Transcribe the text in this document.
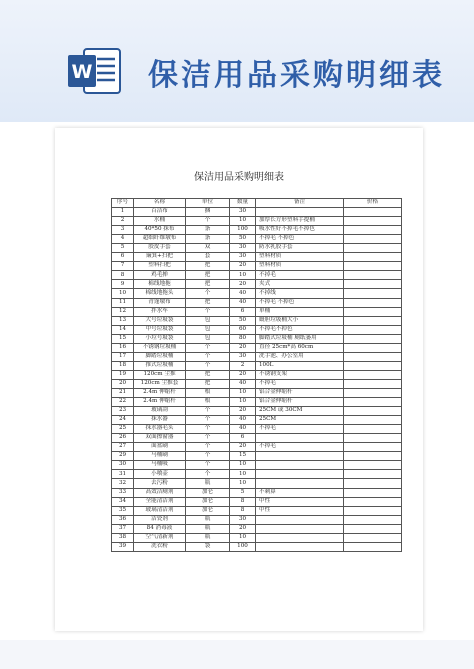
W 保洁用品采购明细表
保洁用品采购明细表
序号	名称	单位	数量	备注	价格
1	百洁布	捆	30		
2	水桶	个	10	加厚长方形塑料手提桶	
3	40*50 抹布	条	100	吸水性好不掉毛不掉色	
4	超细纤维墩布	条	50	不掉毛 不掉色	
5	胶皮手套	双	30	防水乳胶手套	
6	簸箕+扫把	套	30	塑料材质	
7	塑料扫把	把	20	塑料材质	
8	鸡毛掸	把	10	不掉毛	
9	棉线地拖	把	20	夹式	
10	棉线地拖头	个	40	不掉线	
11	青蓬墩布	把	40	不掉毛 不掉色	
12	拌水车	个	6	单桶	
13	大号垃圾袋	包	50	厩胆垃圾桶大小	
14	中号垃圾袋	包	60	不掉毛不掉色	
15	小垃号圾袋	包	80	脚踏式垃圾桶 厕纸篓用	
16	不锈钢垃圾桶	个	20	直径 25cm*高 60cm	
17	脚踏垃圾桶	个	30	洗手池、办公室用	
18	推式垃圾桶	个	2	100L	
19	120cm 尘推	把	20	不锈钢支架	
20	120cm 尘推套	把	40	不掉毛	
21	2.4m 伸缩杆	根	10	铝合金伸缩杆	
22	2.4m 伸缩杆	根	10	铝合金伸缩杆	
23	玻璃刮	个	20	25CM 或 30CM	
24	抹水器	个	40	25CM	
25	抹水器毛头	个	40	不掉毛	
26	双面擦窗器	个	6		
27	面盆刷	个	20	不掉毛	
29	马桶刷	个	15		
30	马桶吸	个	10		
31	小喷壶	个	10		
32	去污粉	瓶	10		
33	高效洁厕剂	加仑	5	不刺鼻	
34	全能清洁剂	加仑	8	中性	
35	玻璃清洁剂	加仑	8	中性	
36	洁瓷剂	瓶	30		
37	84 消毒液	瓶	20		
38	空气清新剂	瓶	10		
39	洗衣粉	袋	100		
